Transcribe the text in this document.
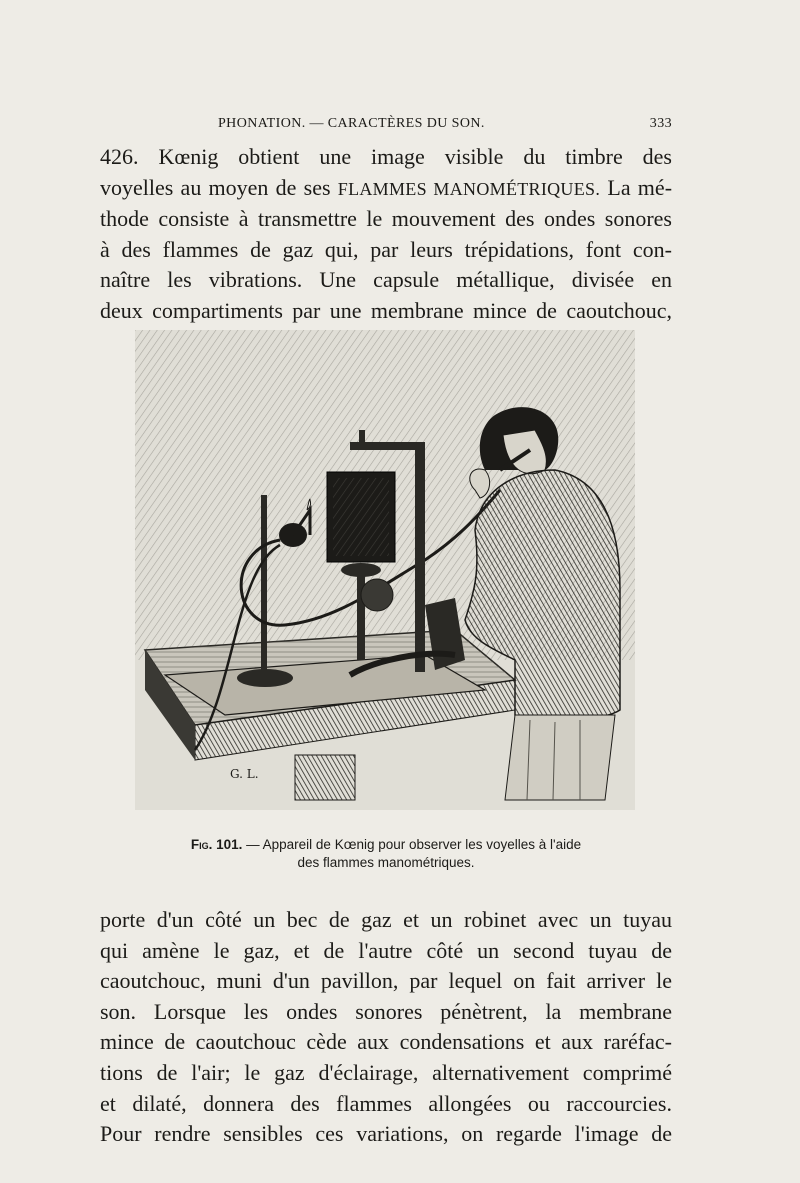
PHONATION. — CARACTÈRES DU SON.	333
426. Kœnig obtient une image visible du timbre des
voyelles au moyen de ses FLAMMES MANOMÉTRIQUES. La mé-
thode consiste à transmettre le mouvement des ondes sonores
à des flammes de gaz qui, par leurs trépidations, font con-
naître les vibrations. Une capsule métallique, divisée en
deux compartiments par une membrane mince de caoutchouc,
G. L.
Fig. 101. — Appareil de Kœnig pour observer les voyelles à l'aide
des flammes manométriques.
porte d'un côté un bec de gaz et un robinet avec un tuyau
qui amène le gaz, et de l'autre côté un second tuyau de
caoutchouc, muni d'un pavillon, par lequel on fait arriver le
son. Lorsque les ondes sonores pénètrent, la membrane
mince de caoutchouc cède aux condensations et aux raréfac-
tions de l'air; le gaz d'éclairage, alternativement comprimé
et dilaté, donnera des flammes allongées ou raccourcies.
Pour rendre sensibles ces variations, on regarde l'image de
